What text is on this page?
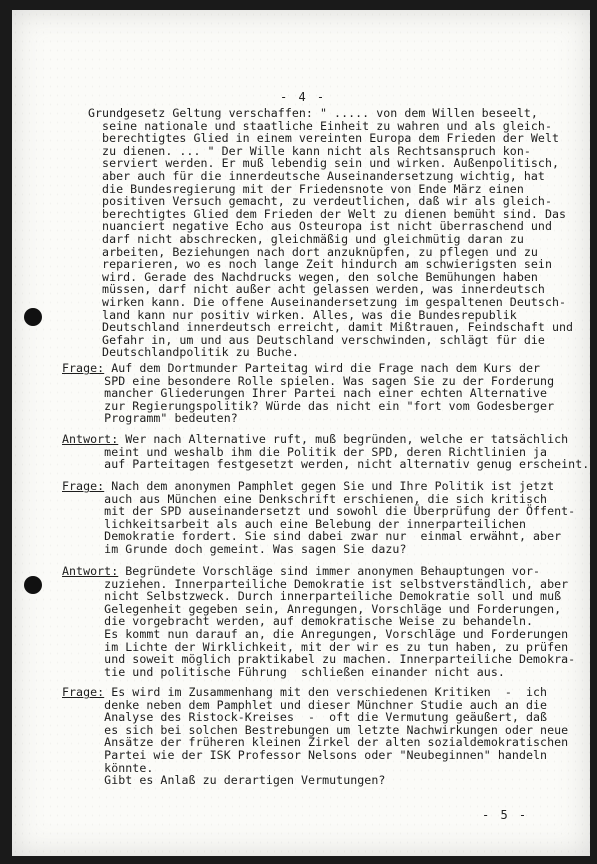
- 4 -

Grundgesetz Geltung verschaffen: " ..... von dem Willen beseelt,
seine nationale und staatliche Einheit zu wahren und als gleich-
berechtigtes Glied in einem vereinten Europa dem Frieden der Welt
zu dienen. ... " Der Wille kann nicht als Rechtsanspruch kon-
serviert werden. Er muß lebendig sein und wirken. Außenpolitisch,
aber auch für die innerdeutsche Auseinandersetzung wichtig, hat
die Bundesregierung mit der Friedensnote von Ende März einen
positiven Versuch gemacht, zu verdeutlichen, daß wir als gleich-
berechtigtes Glied dem Frieden der Welt zu dienen bemüht sind. Das
nuanciert negative Echo aus Osteuropa ist nicht überraschend und
darf nicht abschrecken, gleichmäßig und gleichmütig daran zu
arbeiten, Beziehungen nach dort anzuknüpfen, zu pflegen und zu
reparieren, wo es noch lange Zeit hindurch am schwierigsten sein
wird. Gerade des Nachdrucks wegen, den solche Bemühungen haben
müssen, darf nicht außer acht gelassen werden, was innerdeutsch
wirken kann. Die offene Auseinandersetzung im gespaltenen Deutsch-
land kann nur positiv wirken. Alles, was die Bundesrepublik
Deutschland innerdeutsch erreicht, damit Mißtrauen, Feindschaft und
Gefahr in, um und aus Deutschland verschwinden, schlägt für die
Deutschlandpolitik zu Buche.

Frage: Auf dem Dortmunder Parteitag wird die Frage nach dem Kurs der
SPD eine besondere Rolle spielen. Was sagen Sie zu der Forderung
mancher Gliederungen Ihrer Partei nach einer echten Alternative
zur Regierungspolitik? Würde das nicht ein "fort vom Godesberger
Programm" bedeuten?

Antwort: Wer nach Alternative ruft, muß begründen, welche er tatsächlich
meint und weshalb ihm die Politik der SPD, deren Richtlinien ja
auf Parteitagen festgesetzt werden, nicht alternativ genug erscheint.

Frage: Nach dem anonymen Pamphlet gegen Sie und Ihre Politik ist jetzt
auch aus München eine Denkschrift erschienen, die sich kritisch
mit der SPD auseinandersetzt und sowohl die Überprüfung der Öffent-
lichkeitsarbeit als auch eine Belebung der innerparteilichen
Demokratie fordert. Sie sind dabei zwar nur  einmal erwähnt, aber
im Grunde doch gemeint. Was sagen Sie dazu?

Antwort: Begründete Vorschläge sind immer anonymen Behauptungen vor-
zuziehen. Innerparteiliche Demokratie ist selbstverständlich, aber
nicht Selbstzweck. Durch innerparteiliche Demokratie soll und muß
Gelegenheit gegeben sein, Anregungen, Vorschläge und Forderungen,
die vorgebracht werden, auf demokratische Weise zu behandeln.
Es kommt nun darauf an, die Anregungen, Vorschläge und Forderungen
im Lichte der Wirklichkeit, mit der wir es zu tun haben, zu prüfen
und soweit möglich praktikabel zu machen. Innerparteiliche Demokra-
tie und politische Führung  schließen einander nicht aus.

Frage: Es wird im Zusammenhang mit den verschiedenen Kritiken  -  ich
denke neben dem Pamphlet und dieser Münchner Studie auch an die
Analyse des Ristock-Kreises  -  oft die Vermutung geäußert, daß
es sich bei solchen Bestrebungen um letzte Nachwirkungen oder neue
Ansätze der früheren kleinen Zirkel der alten sozialdemokratischen
Partei wie der ISK Professor Nelsons oder "Neubeginnen" handeln
könnte.
Gibt es Anlaß zu derartigen Vermutungen?

- 5 -
